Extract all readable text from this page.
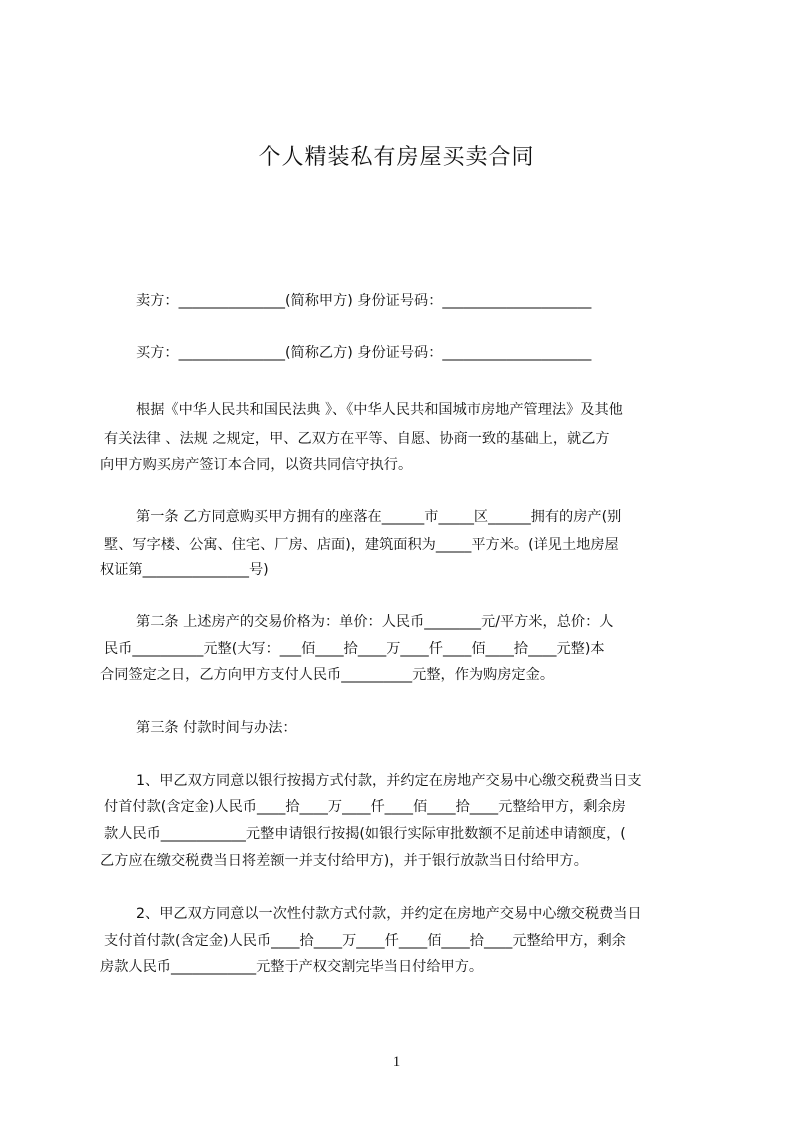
个人精装私有房屋买卖合同
卖方：_______________(简称甲方) 身份证号码：_____________________
买方：_______________(简称乙方) 身份证号码：_____________________
根据《中华人民共和国民法典 》、《中华人民共和国城市房地产管理法》及其他
有关法律 、法规 之规定，甲、乙双方在平等、自愿、协商一致的基础上，就乙方
向甲方购买房产签订本合同，以资共同信守执行。
第一条 乙方同意购买甲方拥有的座落在______市_____区______拥有的房产(别
墅、写字楼、公寓、住宅、厂房、店面)，建筑面积为_____平方米。(详见土地房屋
权证第_______________号)
第二条 上述房产的交易价格为：单价：人民币________元/平方米，总价：人
民币__________元整(大写：___佰____拾____万____仟____佰____拾____元整)本
合同签定之日，乙方向甲方支付人民币__________元整，作为购房定金。
第三条 付款时间与办法：
1、甲乙双方同意以银行按揭方式付款，并约定在房地产交易中心缴交税费当日支
付首付款(含定金)人民币____拾____万____仟____佰____拾____元整给甲方，剩余房
款人民币____________元整申请银行按揭(如银行实际审批数额不足前述申请额度，(
乙方应在缴交税费当日将差额一并支付给甲方)，并于银行放款当日付给甲方。
2、甲乙双方同意以一次性付款方式付款，并约定在房地产交易中心缴交税费当日
支付首付款(含定金)人民币____拾____万____仟____佰____拾____元整给甲方，剩余
房款人民币____________元整于产权交割完毕当日付给甲方。
1
